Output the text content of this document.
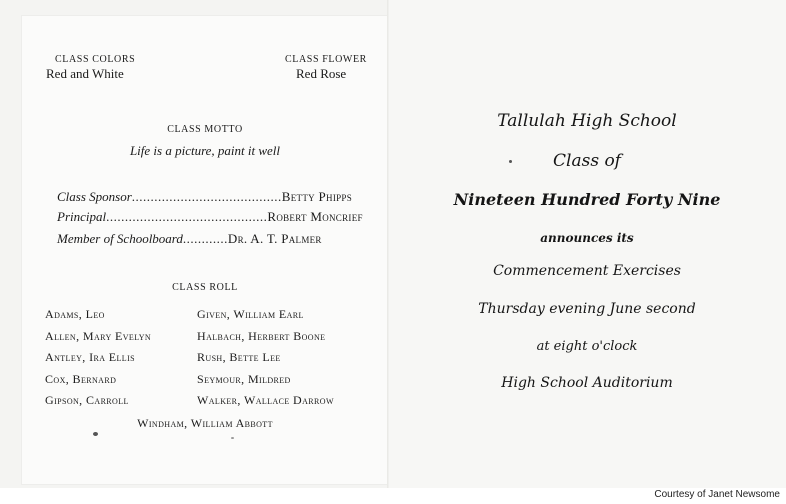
CLASS COLORS
Red and White
CLASS FLOWER
Red Rose
CLASS MOTTO
Life is a picture, paint it well
Class Sponsor........................................Betty Phipps
Principal...........................................Robert Moncrief
Member of Schoolboard............Dr. A. T. Palmer
CLASS ROLL
Adams, Leo
Allen, Mary Evelyn
Antley, Ira Ellis
Cox, Bernard
Gipson, Carroll
Given, William Earl
Halbach, Herbert Boone
Rush, Bette Lee
Seymour, Mildred
Walker, Wallace Darrow
Windham, William Abbott
Tallulah High School
Class of
Nineteen Hundred Forty Nine
announces its
Commencement Exercises
Thursday evening June second
at eight o'clock
High School Auditorium
Courtesy of Janet Newsome
